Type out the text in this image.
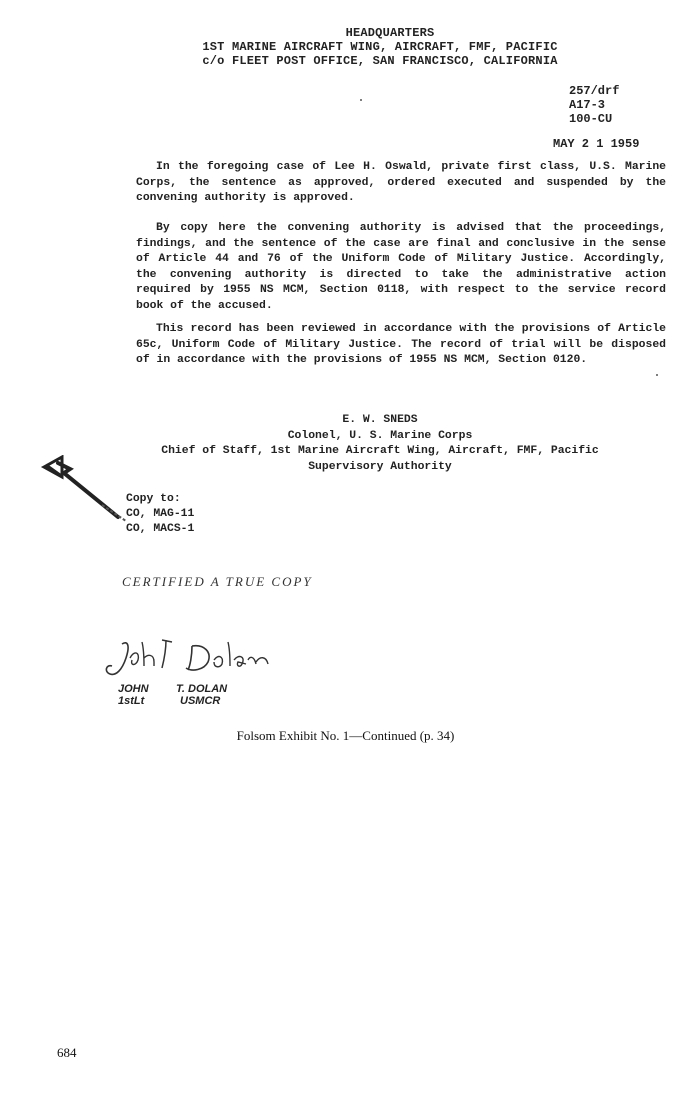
HEADQUARTERS
1ST MARINE AIRCRAFT WING, AIRCRAFT, FMF, PACIFIC
c/o FLEET POST OFFICE, SAN FRANCISCO, CALIFORNIA
257/drf
A17-3
100-CU
MAY 2 1 1959

In the foregoing case of Lee H. Oswald, private first class, U.S. Marine Corps, the sentence as approved, ordered executed and suspended by the convening authority is approved.

By copy here the convening authority is advised that the proceedings, findings, and the sentence of the case are final and conclusive in the sense of Article 44 and 76 of the Uniform Code of Military Justice. Accordingly, the convening authority is directed to take the administrative action required by 1955 NS MCM, Section 0118, with respect to the service record book of the accused.

This record has been reviewed in accordance with the provisions of Article 65c, Uniform Code of Military Justice. The record of trial will be disposed of in accordance with the provisions of 1955 NS MCM, Section 0120.

E. W. SNEDS
Colonel, U. S. Marine Corps
Chief of Staff, 1st Marine Aircraft Wing, Aircraft, FMF, Pacific
Supervisory Authority
Copy to:
CO, MAG-11
CO, MACS-1
CERTIFIED A TRUE COPY
JOHN
1stLt
T. DOLAN
USMCR
Folsom Exhibit No. 1—Continued (p. 34)
684
